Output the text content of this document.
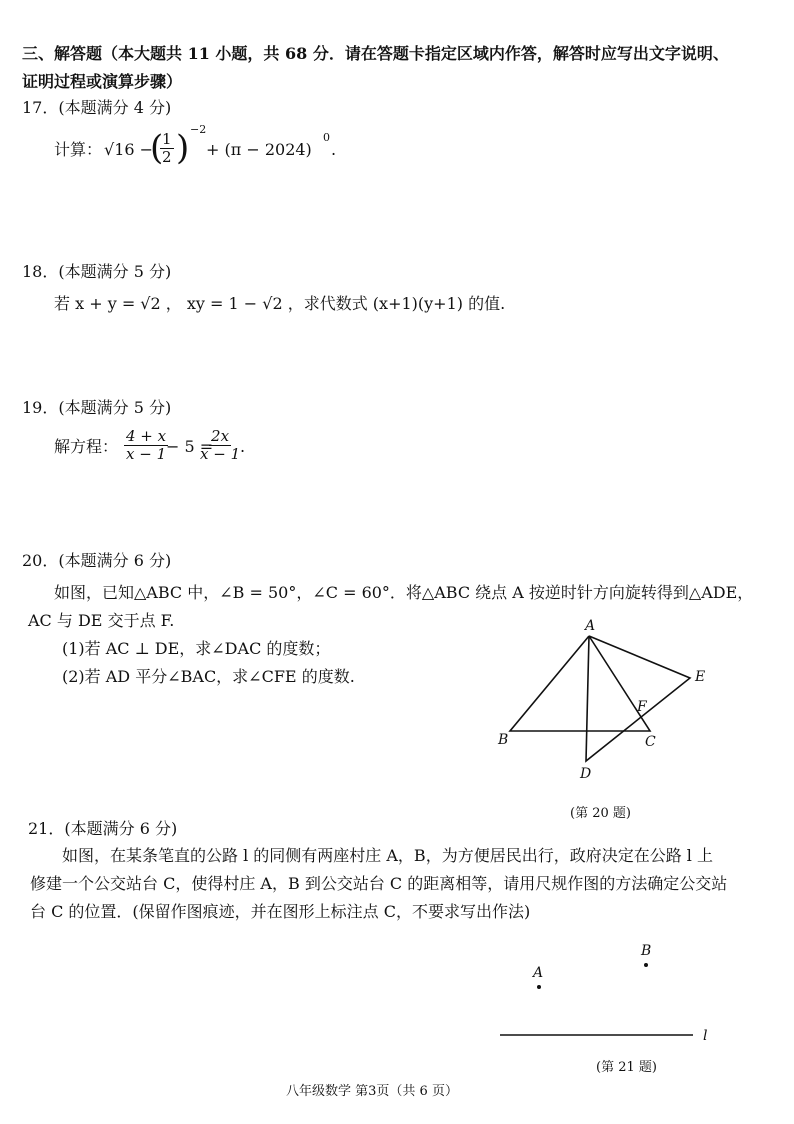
三、解答题（本大题共 11 小题，共 68 分．请在答题卡指定区域内作答，解答时应写出文字说明、
证明过程或演算步骤）
17．(本题满分 4 分)
计算： √16 −
(
$\frac{1}{2}$ ) −2
+ (π − 2024)
0
.
18．(本题满分 5 分)
若 x + y = √2 ， xy = 1 − √2 ，求代数式 (x+1)(y+1) 的值.
19．(本题满分 5 分)
解方程： $\frac{4 + x}{x - 1}$
− 5 =
$\frac{2x}{x - 1}$
.
20．(本题满分 6 分)
如图，已知△ABC 中，∠B = 50°，∠C = 60°．将△ABC 绕点 A 按逆时针方向旋转得到△ADE，
AC 与 DE 交于点 F.
(1)若 AC ⊥ DE，求∠DAC 的度数；
(2)若 AD 平分∠BAC，求∠CFE 的度数.
A
B	C
D
E
F
(第 20 题)
21．(本题满分 6 分)
如图，在某条笔直的公路 l 的同侧有两座村庄 A，B，为方便居民出行，政府决定在公路 l 上
修建一个公交站台 C，使得村庄 A，B 到公交站台 C 的距离相等，请用尺规作图的方法确定公交站
台 C 的位置．(保留作图痕迹，并在图形上标注点 C，不要求写出作法)
A
B
l
(第 21 题)
八年级数学 第3页（共 6 页）
